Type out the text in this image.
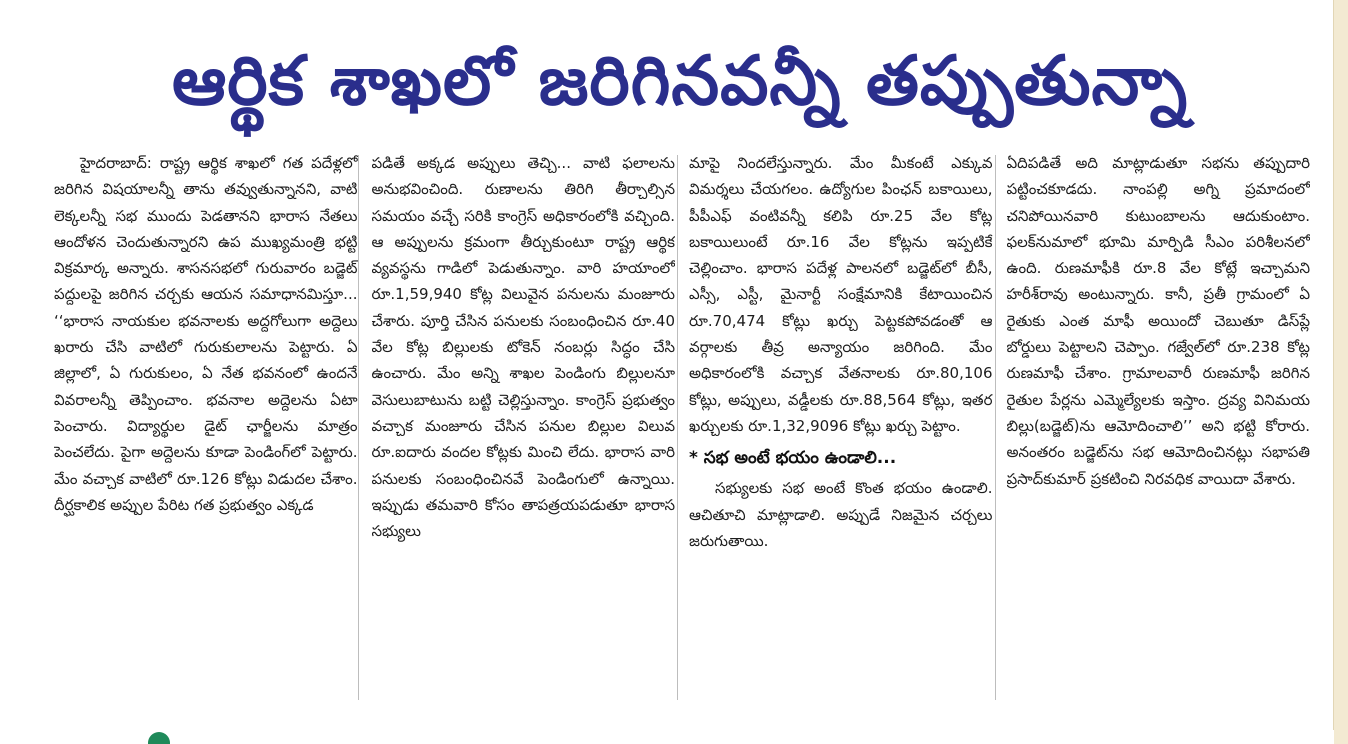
ఆర్థిక శాఖలో జరిగినవన్నీ తప్పుతున్నా

హైదరాబాద్: రాష్ట్ర ఆర్థిక శాఖలో గత పదేళ్లలో జరిగిన విషయాలన్నీ తాను తవ్వుతున్నానని, వాటి లెక్కలన్నీ సభ ముందు పెడతానని భారాస నేతలు ఆందోళన చెందుతున్నారని ఉప ముఖ్యమంత్రి భట్టి విక్రమార్క అన్నారు. శాసనసభలో గురువారం బడ్జెట్ పద్దులపై జరిగిన చర్చకు ఆయన సమాధానమిస్తూ... ‘‘భారాస నాయకుల భవనాలకు అద్దగోలుగా అద్దెలు ఖరారు చేసి వాటిలో గురుకులాలను పెట్టారు. ఏ జిల్లాలో, ఏ గురుకులం, ఏ నేత భవనంలో ఉందనే వివరాలన్నీ తెప్పించాం. భవనాల అద్దెలను ఏటా పెంచారు. విద్యార్థుల డైట్ ఛార్జీలను మాత్రం పెంచలేదు. పైగా అద్దెలను కూడా పెండింగ్‌లో పెట్టారు. మేం వచ్చాక వాటిలో రూ.126 కోట్లు విడుదల చేశాం. దీర్ఘకాలిక అప్పుల పేరిట గత ప్రభుత్వం ఎక్కడ

పడితే అక్కడ అప్పులు తెచ్చి... వాటి ఫలాలను అనుభవించింది. రుణాలను తిరిగి తీర్చాల్సిన సమయం వచ్చే సరికి కాంగ్రెస్ అధికారంలోకి వచ్చింది. ఆ అప్పులను క్రమంగా తీర్చుకుంటూ రాష్ట్ర ఆర్థిక వ్యవస్థను గాడిలో పెడుతున్నాం. వారి హయాంలో రూ.1,59,940 కోట్ల విలువైన పనులను మంజూరు చేశారు. పూర్తి చేసిన పనులకు సంబంధించిన రూ.40 వేల కోట్ల బిల్లులకు టోకెన్ నంబర్లు సిద్ధం చేసి ఉంచారు. మేం అన్ని శాఖల పెండింగు బిల్లులనూ వెసులుబాటును బట్టి చెల్లిస్తున్నాం. కాంగ్రెస్ ప్రభుత్వం వచ్చాక మంజూరు చేసిన పనుల బిల్లుల విలువ రూ.ఐదారు వందల కోట్లకు మించి లేదు. భారాస వారి పనులకు సంబంధించినవే పెండింగులో ఉన్నాయి. ఇప్పుడు తమవారి కోసం తాపత్రయపడుతూ భారాస సభ్యులు

మాపై నిందలేస్తున్నారు. మేం మీకంటే ఎక్కువ విమర్శలు చేయగలం. ఉద్యోగుల పింఛన్ బకాయిలు, పీపీఎఫ్ వంటివన్నీ కలిపి రూ.25 వేల కోట్ల బకాయిలుంటే రూ.16 వేల కోట్లను ఇప్పటికే చెల్లించాం. భారాస పదేళ్ల పాలనలో బడ్జెట్‌లో బీసీ, ఎస్సీ, ఎస్టీ, మైనార్టీ సంక్షేమానికి కేటాయించిన రూ.70,474 కోట్లు ఖర్చు పెట్టకపోవడంతో ఆ వర్గాలకు తీవ్ర అన్యాయం జరిగింది. మేం అధికారంలోకి వచ్చాక వేతనాలకు రూ.80,106 కోట్లు, అప్పులు, వడ్డీలకు రూ.88,564 కోట్లు, ఇతర ఖర్చులకు రూ.1,32,9096 కోట్లు ఖర్చు పెట్టాం.

* సభ అంటే భయం ఉండాలి...

సభ్యులకు సభ అంటే కొంత భయం ఉండాలి. ఆచితూచి మాట్లాడాలి. అప్పుడే నిజమైన చర్చలు జరుగుతాయి.

ఏదిపడితే అది మాట్లాడుతూ సభను తప్పుదారి పట్టించకూడదు. నాంపల్లి అగ్ని ప్రమాదంలో చనిపోయినవారి కుటుంబాలను ఆదుకుంటాం. ఫలక్‌నుమాలో భూమి మార్పిడి సీఎం పరిశీలనలో ఉంది. రుణమాఫీకి రూ.8 వేల కోట్లే ఇచ్చామని హరీశ్‌రావు అంటున్నారు. కానీ, ప్రతీ గ్రామంలో ఏ రైతుకు ఎంత మాఫీ అయిందో చెబుతూ డిస్‌ప్లే బోర్డులు పెట్టాలని చెప్పాం. గజ్వేల్‌లో రూ.238 కోట్ల రుణమాఫీ చేశాం. గ్రామాలవారీ రుణమాఫీ జరిగిన రైతుల పేర్లను ఎమ్మెల్యేలకు ఇస్తాం. ద్రవ్య వినిమయ బిల్లు(బడ్జెట్)ను ఆమోదించాలి’’ అని భట్టి కోరారు. అనంతరం బడ్జెట్‌ను సభ ఆమోదించినట్లు సభాపతి ప్రసాద్‌కుమార్ ప్రకటించి నిరవధిక వాయిదా వేశారు.
